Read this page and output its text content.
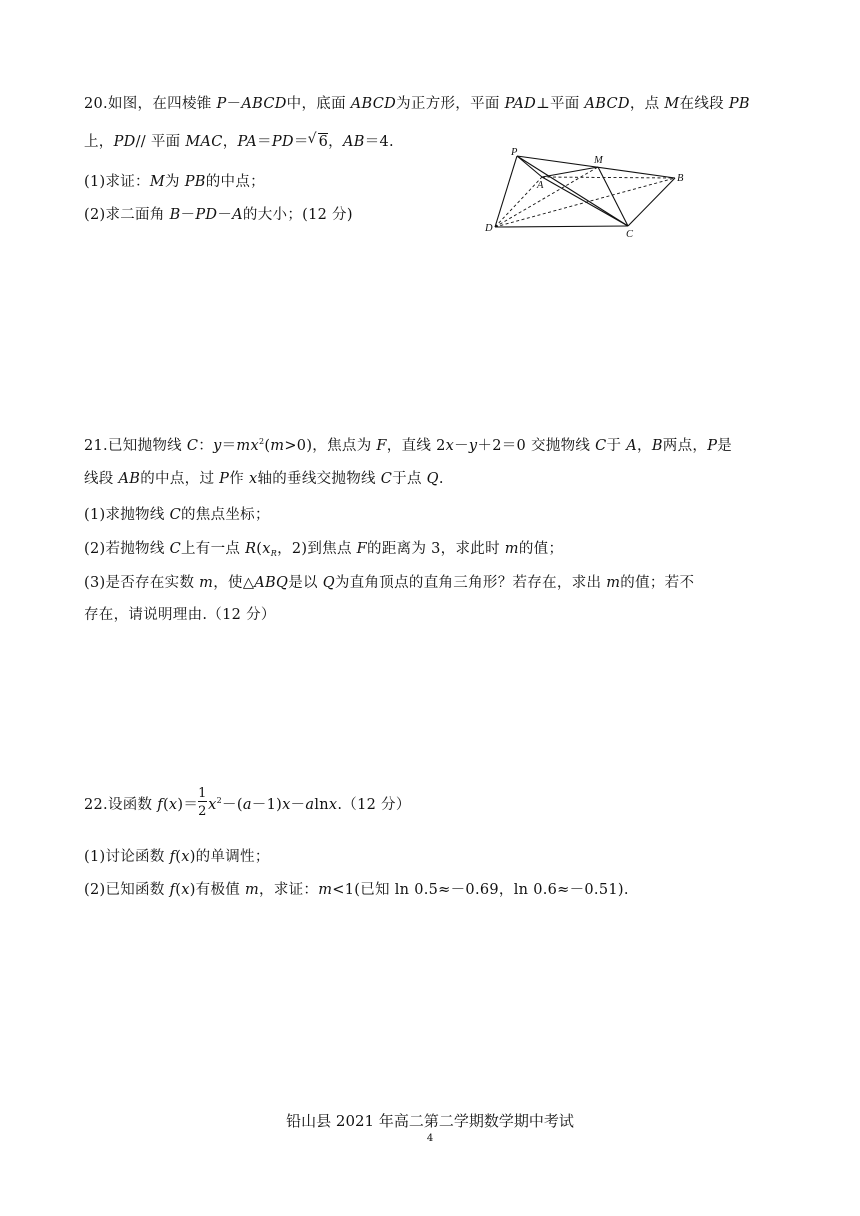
20.如图，在四棱锥 P－ABCD中，底面 ABCD为正方形，平面 PAD⊥平面 ABCD，点 M在线段 PB
上，PD// 平面 MAC，PA＝PD＝√ 6，AB＝4.
(1)求证：M为 PB的中点；
(2)求二面角 B－PD－A的大小；(12 分)
P
M
A
B
D
C
21.已知抛物线 C：$y=mx^2(m>0)$，焦点为 F，直线 2x－y＋2＝0 交抛物线 C于 A，B两点，P是
线段 AB的中点，过 P作 x轴的垂线交抛物线 C于点 Q.
(1)求抛物线 C的焦点坐标；
(2)若抛物线 C上有一点 $R(x_R$，2)到焦点 F的距离为 3，求此时 m的值；
(3)是否存在实数 m，使△ABQ是以 Q为直角顶点的直角三角形？若存在，求出 m的值；若不
存在，请说明理由.（12 分）
22.设函数 $f(x)= \frac{1}{2} x^2-(a-1)x-alnx.(12$ 分）
(1)讨论函数 f(x)的单调性；
(2)已知函数 f(x)有极值 m，求证：m<1(已知 ln 0.5≈－0.69，ln 0.6≈－0.51).
铅山县 2021 年高二第二学期数学期中考试
4
